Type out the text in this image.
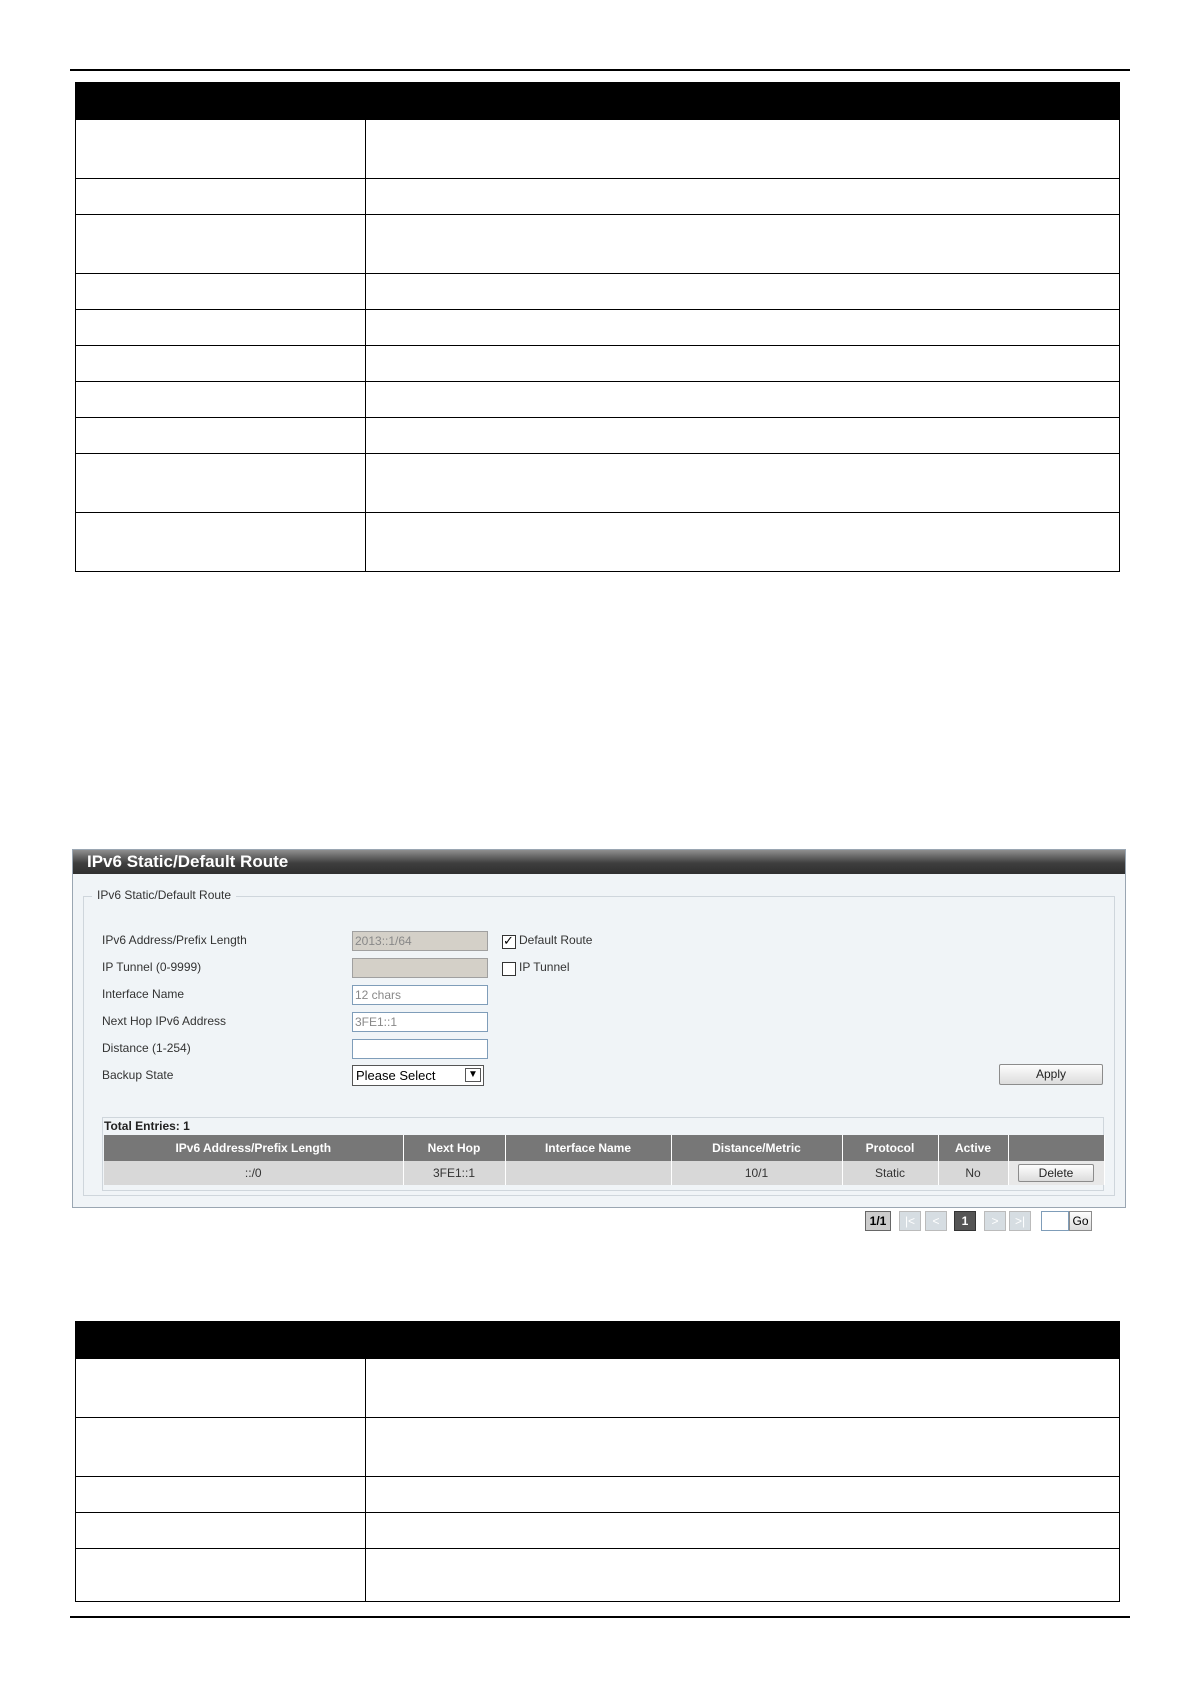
IPv6 Static/Default Route
IPv6 Static/Default Route
IPv6 Address/Prefix Length	2013::1/64 ✓	Default Route
IP Tunnel (0-9999)	IP Tunnel
Interface Name	12 chars
Next Hop IPv6 Address	3FE1::1
Distance (1-254)
Backup State	Please Select	▼	Apply
Total Entries: 1
IPv6 Address/Prefix Length	Next Hop	Interface Name	Distance/Metric	Protocol	Active	
::/0	3FE1::1		10/1	Static	No	Delete
1/1	|<	<	1	>	>|	Go
